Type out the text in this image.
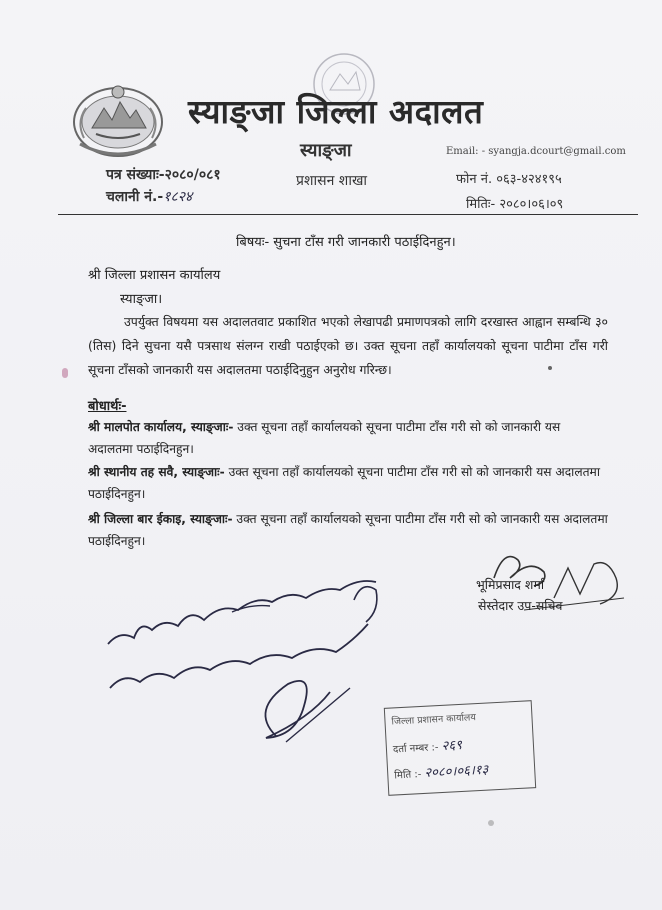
स्याङ्जा जिल्ला अदालत
स्याङ्जा
प्रशासन शाखा
Email: - syangja.dcourt@gmail.com
पत्र संख्याः-२०८०/०८१
चलानी नं.-१८२४
फोन नं. ०६३-४२४१९५
मितिः- २०८०।०६।०९
बिषयः- सुचना टाँस गरी जानकारी पठाईदिनहुन।
श्री जिल्ला प्रशासन कार्यालय
स्याङ्जा।
उपर्युक्त विषयमा यस अदालतवाट प्रकाशित भएको लेखापढी प्रमाणपत्रको लागि दरखास्त आह्वान सम्बन्धि ३० (तिस) दिने सुचना यसै पत्रसाथ संलग्न राखी पठाईएको छ। उक्त सूचना तहाँ कार्यालयको सूचना पाटीमा टाँस गरी सूचना टाँसको जानकारी यस अदालतमा पठाईदिनुहुन अनुरोध गरिन्छ।
बोधार्थः-
श्री मालपोत कार्यालय, स्याङ्जाः- उक्त सूचना तहाँ कार्यालयको सूचना पाटीमा टाँस गरी सो को जानकारी यस अदालतमा पठाईदिनहुन।
श्री स्थानीय तह सवै, स्याङ्जाः- उक्त सूचना तहाँ कार्यालयको सूचना पाटीमा टाँस गरी सो को जानकारी यस अदालतमा पठाईदिनहुन।
श्री जिल्ला बार ईकाइ, स्याङ्जाः- उक्त सूचना तहाँ कार्यालयको सूचना पाटीमा टाँस गरी सो को जानकारी यस अदालतमा पठाईदिनहुन।
भूमिप्रसाद शर्मा
सेस्तेदार उप-सचिव
जिल्ला प्रशासन कार्यालय
दर्ता नम्बर :- २६९
मिति :- २०८०।०६।१३
